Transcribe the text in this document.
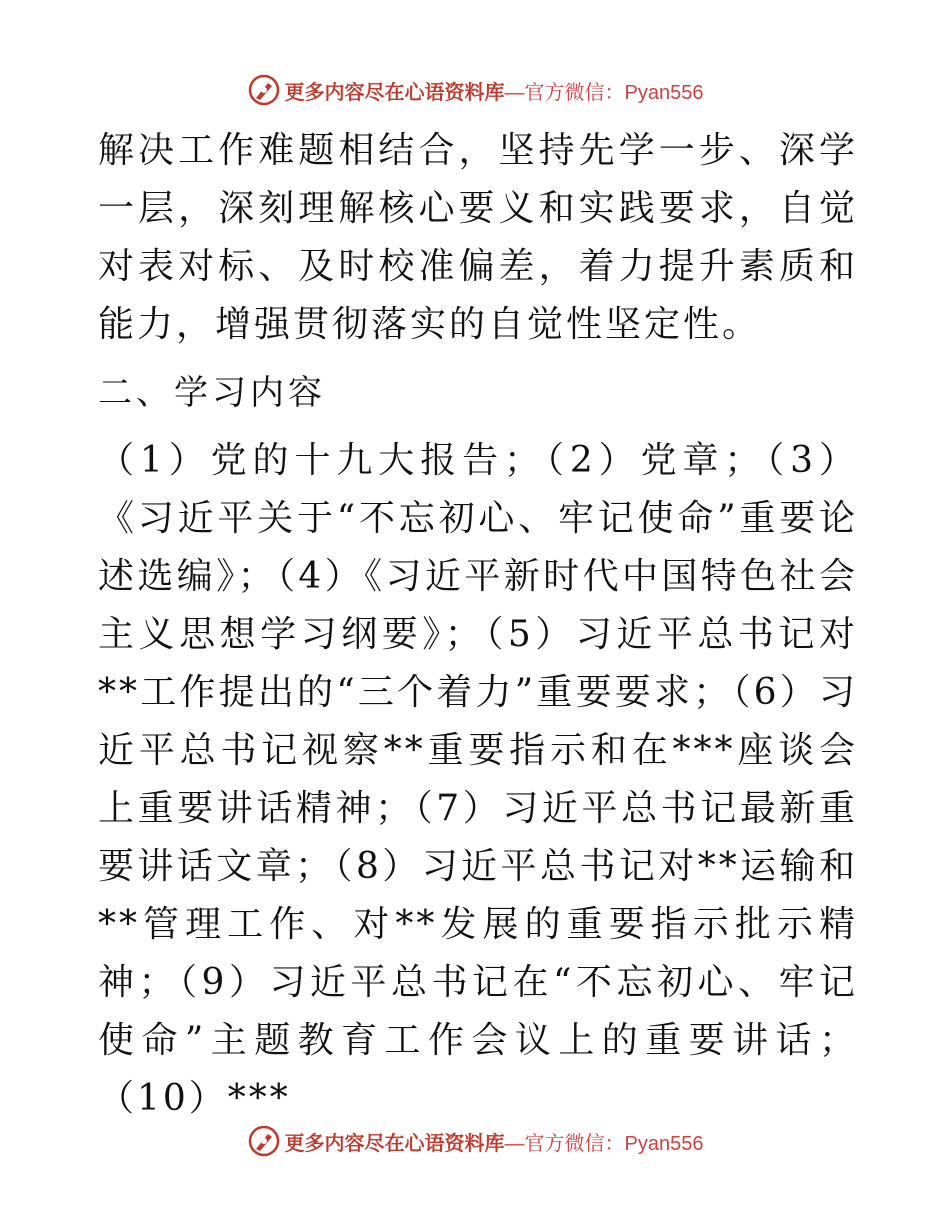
更多内容尽在心语资料库 —官方微信：Pyan556

解决工作难题相结合，坚持先学一步、深学一层，深刻理解核心要义和实践要求，自觉对表对标、及时校准偏差，着力提升素质和能力，增强贯彻落实的自觉性坚定性。

二、学习内容

（1）党的十九大报告；（2）党章；（3）《习近平关于“不忘初心、牢记使命”重要论述选编》；（4）《习近平新时代中国特色社会主义思想学习纲要》；（5）习近平总书记对**工作提出的“三个着力”重要要求；（6）习近平总书记视察**重要指示和在***座谈会上重要讲话精神；（7）习近平总书记最新重要讲话文章；（8）习近平总书记对**运输和**管理工作、对**发展的重要指示批示精神；（9）习近平总书记在“不忘初心、牢记使命”主题教育工作会议上的重要讲话；（10）***

更多内容尽在心语资料库 —官方微信：Pyan556
